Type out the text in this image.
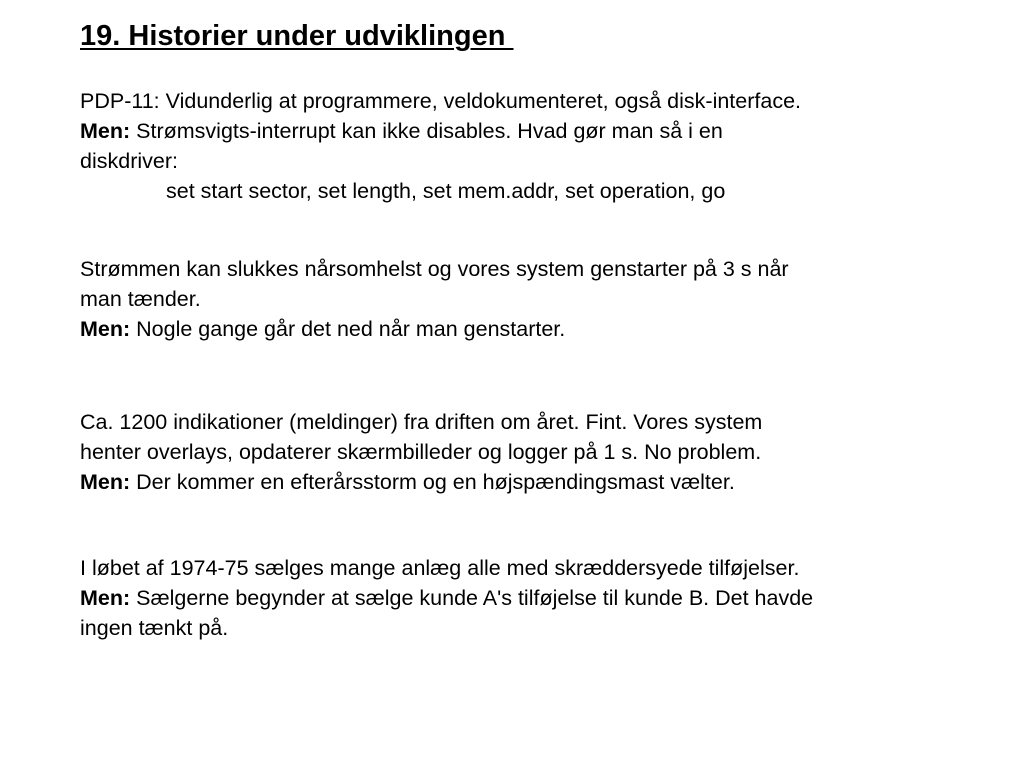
19. Historier under udviklingen
PDP-11: Vidunderlig at programmere, veldokumenteret, også disk-interface.
Men: Strømsvigts-interrupt kan ikke disables. Hvad gør man så i en
diskdriver:
set start sector, set length, set mem.addr, set operation, go
Strømmen kan slukkes nårsomhelst og vores system genstarter på 3 s når
man tænder.
Men: Nogle gange går det ned når man genstarter.
Ca. 1200 indikationer (meldinger) fra driften om året. Fint. Vores system
henter overlays, opdaterer skærmbilleder og logger på 1 s. No problem.
Men: Der kommer en efterårsstorm og en højspændingsmast vælter.
I løbet af 1974-75 sælges mange anlæg alle med skræddersyede tilføjelser.
Men: Sælgerne begynder at sælge kunde A's tilføjelse til kunde B. Det havde
ingen tænkt på.
